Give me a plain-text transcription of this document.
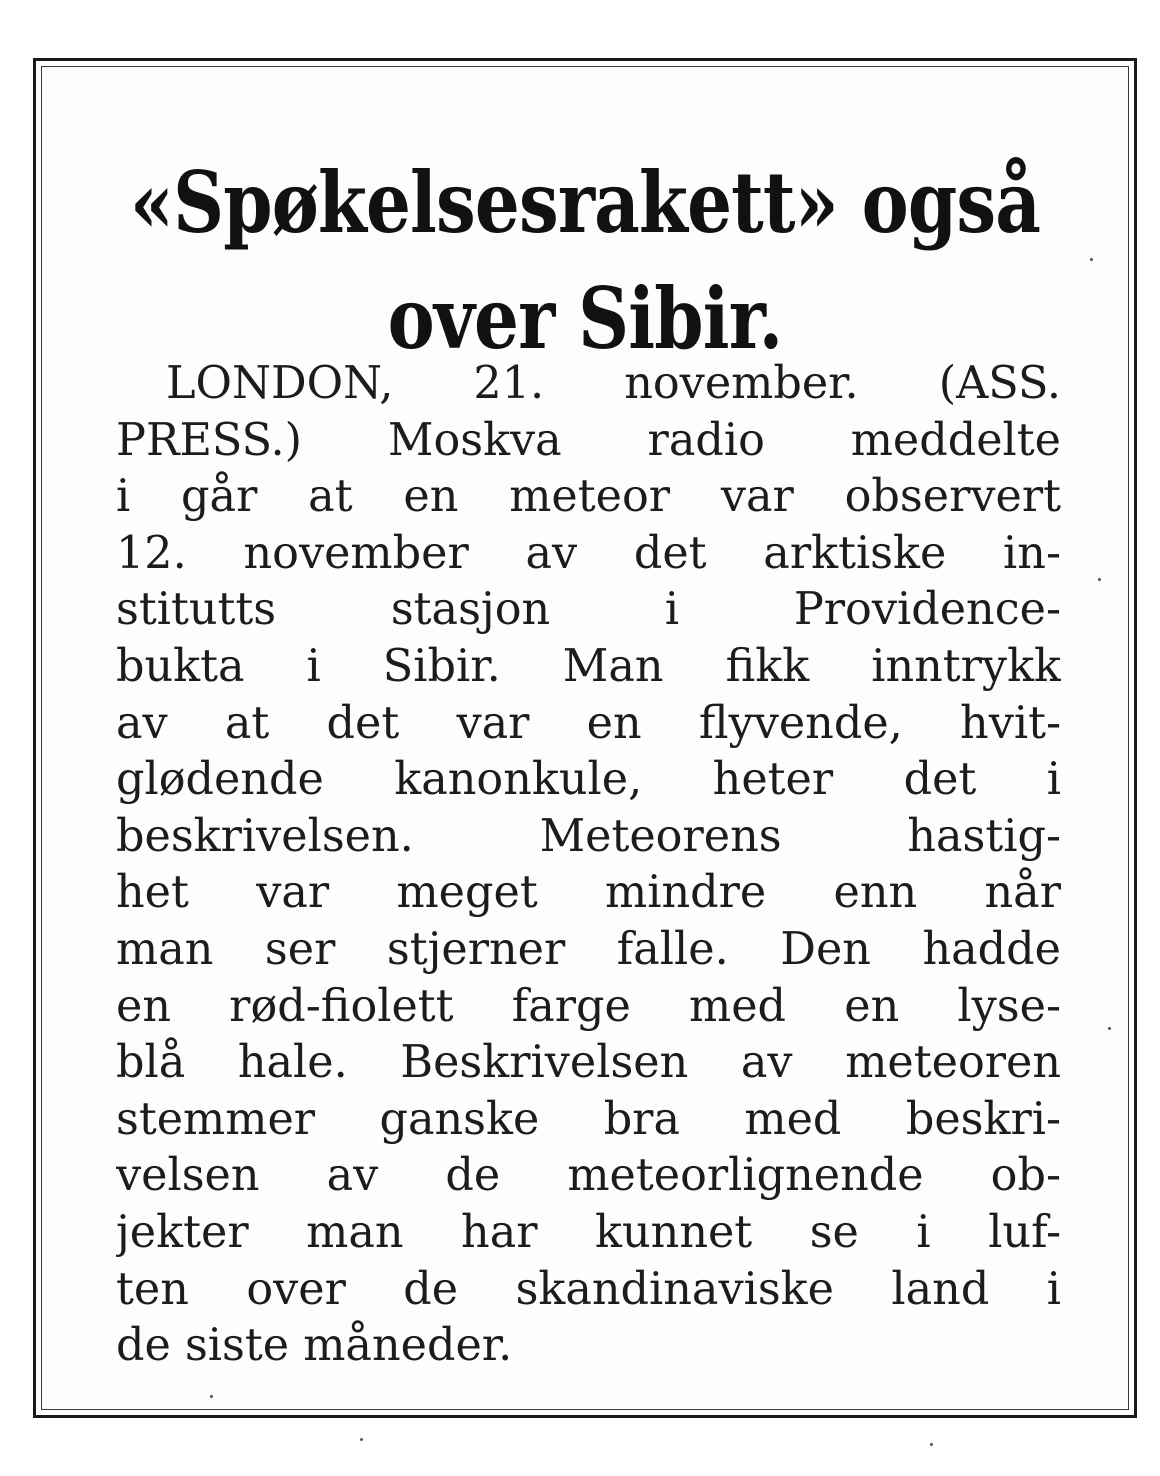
«Spøkelsesrakett» også
over Sibir.
LONDON, 21. november. (ASS.
PRESS.) Moskva radio meddelte
i går at en meteor var observert
12. november av det arktiske in-
stitutts stasjon i Providence-
bukta i Sibir. Man fikk inntrykk
av at det var en flyvende, hvit-
glødende kanonkule, heter det i
beskrivelsen. Meteorens hastig-
het var meget mindre enn når
man ser stjerner falle. Den hadde
en rød-fiolett farge med en lyse-
blå hale. Beskrivelsen av meteoren
stemmer ganske bra med beskri-
velsen av de meteorlignende ob-
jekter man har kunnet se i luf-
ten over de skandinaviske land i
de siste måneder.
